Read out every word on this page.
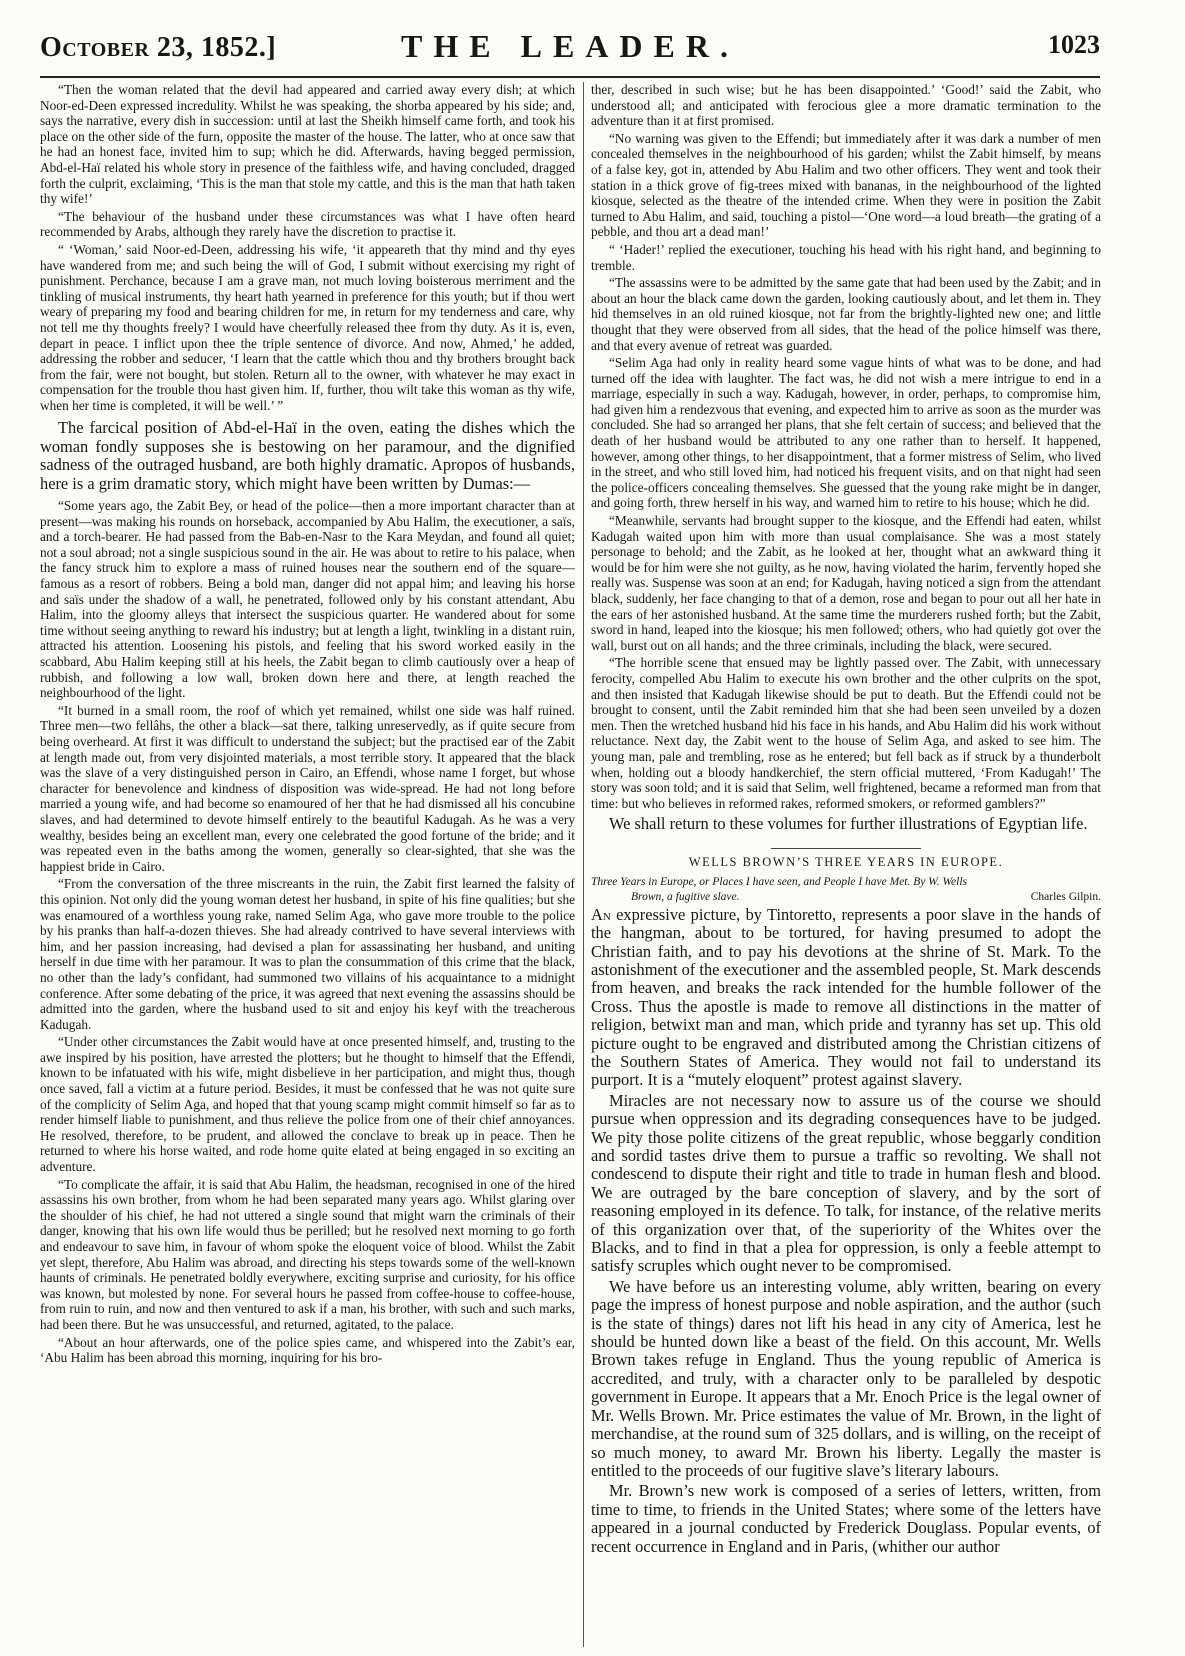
October 23, 1852.]	THE LEADER.	1023

“Then the woman related that the devil had appeared and carried away every dish; at which Noor-ed-Deen expressed incredulity. Whilst he was speaking, the shorba appeared by his side; and, says the narrative, every dish in succession: until at last the Sheikh himself came forth, and took his place on the other side of the furn, opposite the master of the house. The latter, who at once saw that he had an honest face, invited him to sup; which he did. Afterwards, having begged permission, Abd-el-Haï related his whole story in presence of the faithless wife, and having concluded, dragged forth the culprit, exclaiming, ‘This is the man that stole my cattle, and this is the man that hath taken thy wife!’

“The behaviour of the husband under these circumstances was what I have often heard recommended by Arabs, although they rarely have the discretion to practise it.

“ ‘Woman,’ said Noor-ed-Deen, addressing his wife, ‘it appeareth that thy mind and thy eyes have wandered from me; and such being the will of God, I submit without exercising my right of punishment. Perchance, because I am a grave man, not much loving boisterous merriment and the tinkling of musical instruments, thy heart hath yearned in preference for this youth; but if thou wert weary of preparing my food and bearing children for me, in return for my tenderness and care, why not tell me thy thoughts freely? I would have cheerfully released thee from thy duty. As it is, even, depart in peace. I inflict upon thee the triple sentence of divorce. And now, Ahmed,’ he added, addressing the robber and seducer, ‘I learn that the cattle which thou and thy brothers brought back from the fair, were not bought, but stolen. Return all to the owner, with whatever he may exact in compensation for the trouble thou hast given him. If, further, thou wilt take this woman as thy wife, when her time is completed, it will be well.’ ”

The farcical position of Abd-el-Haï in the oven, eating the dishes which the woman fondly supposes she is bestowing on her paramour, and the dignified sadness of the outraged husband, are both highly dramatic. Apropos of husbands, here is a grim dramatic story, which might have been written by Dumas:—

“Some years ago, the Zabit Bey, or head of the police—then a more important character than at present—was making his rounds on horseback, accompanied by Abu Halim, the executioner, a saïs, and a torch-bearer. He had passed from the Bab-en-Nasr to the Kara Meydan, and found all quiet; not a soul abroad; not a single suspicious sound in the air. He was about to retire to his palace, when the fancy struck him to explore a mass of ruined houses near the southern end of the square—famous as a resort of robbers. Being a bold man, danger did not appal him; and leaving his horse and saïs under the shadow of a wall, he penetrated, followed only by his constant attendant, Abu Halim, into the gloomy alleys that intersect the suspicious quarter. He wandered about for some time without seeing anything to reward his industry; but at length a light, twinkling in a distant ruin, attracted his attention. Loosening his pistols, and feeling that his sword worked easily in the scabbard, Abu Halim keeping still at his heels, the Zabit began to climb cautiously over a heap of rubbish, and following a low wall, broken down here and there, at length reached the neighbourhood of the light.

“It burned in a small room, the roof of which yet remained, whilst one side was half ruined. Three men—two fellâhs, the other a black—sat there, talking unreservedly, as if quite secure from being overheard. At first it was difficult to understand the subject; but the practised ear of the Zabit at length made out, from very disjointed materials, a most terrible story. It appeared that the black was the slave of a very distinguished person in Cairo, an Effendi, whose name I forget, but whose character for benevolence and kindness of disposition was wide-spread. He had not long before married a young wife, and had become so enamoured of her that he had dismissed all his concubine slaves, and had determined to devote himself entirely to the beautiful Kadugah. As he was a very wealthy, besides being an excellent man, every one celebrated the good fortune of the bride; and it was repeated even in the baths among the women, generally so clear-sighted, that she was the happiest bride in Cairo.

“From the conversation of the three miscreants in the ruin, the Zabit first learned the falsity of this opinion. Not only did the young woman detest her husband, in spite of his fine qualities; but she was enamoured of a worthless young rake, named Selim Aga, who gave more trouble to the police by his pranks than half-a-dozen thieves. She had already contrived to have several interviews with him, and her passion increasing, had devised a plan for assassinating her husband, and uniting herself in due time with her paramour. It was to plan the consummation of this crime that the black, no other than the lady’s confidant, had summoned two villains of his acquaintance to a midnight conference. After some debating of the price, it was agreed that next evening the assassins should be admitted into the garden, where the husband used to sit and enjoy his keyf with the treacherous Kadugah.

“Under other circumstances the Zabit would have at once presented himself, and, trusting to the awe inspired by his position, have arrested the plotters; but he thought to himself that the Effendi, known to be infatuated with his wife, might disbelieve in her participation, and might thus, though once saved, fall a victim at a future period. Besides, it must be confessed that he was not quite sure of the complicity of Selim Aga, and hoped that that young scamp might commit himself so far as to render himself liable to punishment, and thus relieve the police from one of their chief annoyances. He resolved, therefore, to be prudent, and allowed the conclave to break up in peace. Then he returned to where his horse waited, and rode home quite elated at being engaged in so exciting an adventure.

“To complicate the affair, it is said that Abu Halim, the headsman, recognised in one of the hired assassins his own brother, from whom he had been separated many years ago. Whilst glaring over the shoulder of his chief, he had not uttered a single sound that might warn the criminals of their danger, knowing that his own life would thus be perilled; but he resolved next morning to go forth and endeavour to save him, in favour of whom spoke the eloquent voice of blood. Whilst the Zabit yet slept, therefore, Abu Halim was abroad, and directing his steps towards some of the well-known haunts of criminals. He penetrated boldly everywhere, exciting surprise and curiosity, for his office was known, but molested by none. For several hours he passed from coffee-house to coffee-house, from ruin to ruin, and now and then ventured to ask if a man, his brother, with such and such marks, had been there. But he was unsuccessful, and returned, agitated, to the palace.

“About an hour afterwards, one of the police spies came, and whispered into the Zabit’s ear, ‘Abu Halim has been abroad this morning, inquiring for his bro-

ther, described in such wise; but he has been disappointed.’ ‘Good!’ said the Zabit, who understood all; and anticipated with ferocious glee a more dramatic termination to the adventure than it at first promised.

“No warning was given to the Effendi; but immediately after it was dark a number of men concealed themselves in the neighbourhood of his garden; whilst the Zabit himself, by means of a false key, got in, attended by Abu Halim and two other officers. They went and took their station in a thick grove of fig-trees mixed with bananas, in the neighbourhood of the lighted kiosque, selected as the theatre of the intended crime. When they were in position the Zabit turned to Abu Halim, and said, touching a pistol—‘One word—a loud breath—the grating of a pebble, and thou art a dead man!’

“ ‘Hader!’ replied the executioner, touching his head with his right hand, and beginning to tremble.

“The assassins were to be admitted by the same gate that had been used by the Zabit; and in about an hour the black came down the garden, looking cautiously about, and let them in. They hid themselves in an old ruined kiosque, not far from the brightly-lighted new one; and little thought that they were observed from all sides, that the head of the police himself was there, and that every avenue of retreat was guarded.

“Selim Aga had only in reality heard some vague hints of what was to be done, and had turned off the idea with laughter. The fact was, he did not wish a mere intrigue to end in a marriage, especially in such a way. Kadugah, however, in order, perhaps, to compromise him, had given him a rendezvous that evening, and expected him to arrive as soon as the murder was concluded. She had so arranged her plans, that she felt certain of success; and believed that the death of her husband would be attributed to any one rather than to herself. It happened, however, among other things, to her disappointment, that a former mistress of Selim, who lived in the street, and who still loved him, had noticed his frequent visits, and on that night had seen the police-officers concealing themselves. She guessed that the young rake might be in danger, and going forth, threw herself in his way, and warned him to retire to his house; which he did.

“Meanwhile, servants had brought supper to the kiosque, and the Effendi had eaten, whilst Kadugah waited upon him with more than usual complaisance. She was a most stately personage to behold; and the Zabit, as he looked at her, thought what an awkward thing it would be for him were she not guilty, as he now, having violated the harim, fervently hoped she really was. Suspense was soon at an end; for Kadugah, having noticed a sign from the attendant black, suddenly, her face changing to that of a demon, rose and began to pour out all her hate in the ears of her astonished husband. At the same time the murderers rushed forth; but the Zabit, sword in hand, leaped into the kiosque; his men followed; others, who had quietly got over the wall, burst out on all hands; and the three criminals, including the black, were secured.

“The horrible scene that ensued may be lightly passed over. The Zabit, with unnecessary ferocity, compelled Abu Halim to execute his own brother and the other culprits on the spot, and then insisted that Kadugah likewise should be put to death. But the Effendi could not be brought to consent, until the Zabit reminded him that she had been seen unveiled by a dozen men. Then the wretched husband hid his face in his hands, and Abu Halim did his work without reluctance. Next day, the Zabit went to the house of Selim Aga, and asked to see him. The young man, pale and trembling, rose as he entered; but fell back as if struck by a thunderbolt when, holding out a bloody handkerchief, the stern official muttered, ‘From Kadugah!’ The story was soon told; and it is said that Selim, well frightened, became a reformed man from that time: but who believes in reformed rakes, reformed smokers, or reformed gamblers?”

We shall return to these volumes for further illustrations of Egyptian life.

WELLS BROWN’S THREE YEARS IN EUROPE.

Three Years in Europe, or Places I have seen, and People I have Met. By W. Wells

Brown, a fugitive slave.	Charles Gilpin.

An expressive picture, by Tintoretto, represents a poor slave in the hands of the hangman, about to be tortured, for having presumed to adopt the Christian faith, and to pay his devotions at the shrine of St. Mark. To the astonishment of the executioner and the assembled people, St. Mark descends from heaven, and breaks the rack intended for the humble follower of the Cross. Thus the apostle is made to remove all distinctions in the matter of religion, betwixt man and man, which pride and tyranny has set up. This old picture ought to be engraved and distributed among the Christian citizens of the Southern States of America. They would not fail to understand its purport. It is a “mutely eloquent” protest against slavery.

Miracles are not necessary now to assure us of the course we should pursue when oppression and its degrading consequences have to be judged. We pity those polite citizens of the great republic, whose beggarly condition and sordid tastes drive them to pursue a traffic so revolting. We shall not condescend to dispute their right and title to trade in human flesh and blood. We are outraged by the bare conception of slavery, and by the sort of reasoning employed in its defence. To talk, for instance, of the relative merits of this organization over that, of the superiority of the Whites over the Blacks, and to find in that a plea for oppression, is only a feeble attempt to satisfy scruples which ought never to be compromised.

We have before us an interesting volume, ably written, bearing on every page the impress of honest purpose and noble aspiration, and the author (such is the state of things) dares not lift his head in any city of America, lest he should be hunted down like a beast of the field. On this account, Mr. Wells Brown takes refuge in England. Thus the young republic of America is accredited, and truly, with a character only to be paralleled by despotic government in Europe. It appears that a Mr. Enoch Price is the legal owner of Mr. Wells Brown. Mr. Price estimates the value of Mr. Brown, in the light of merchandise, at the round sum of 325 dollars, and is willing, on the receipt of so much money, to award Mr. Brown his liberty. Legally the master is entitled to the proceeds of our fugitive slave’s literary labours.

Mr. Brown’s new work is composed of a series of letters, written, from time to time, to friends in the United States; where some of the letters have appeared in a journal conducted by Frederick Douglass. Popular events, of recent occurrence in England and in Paris, (whither our author
